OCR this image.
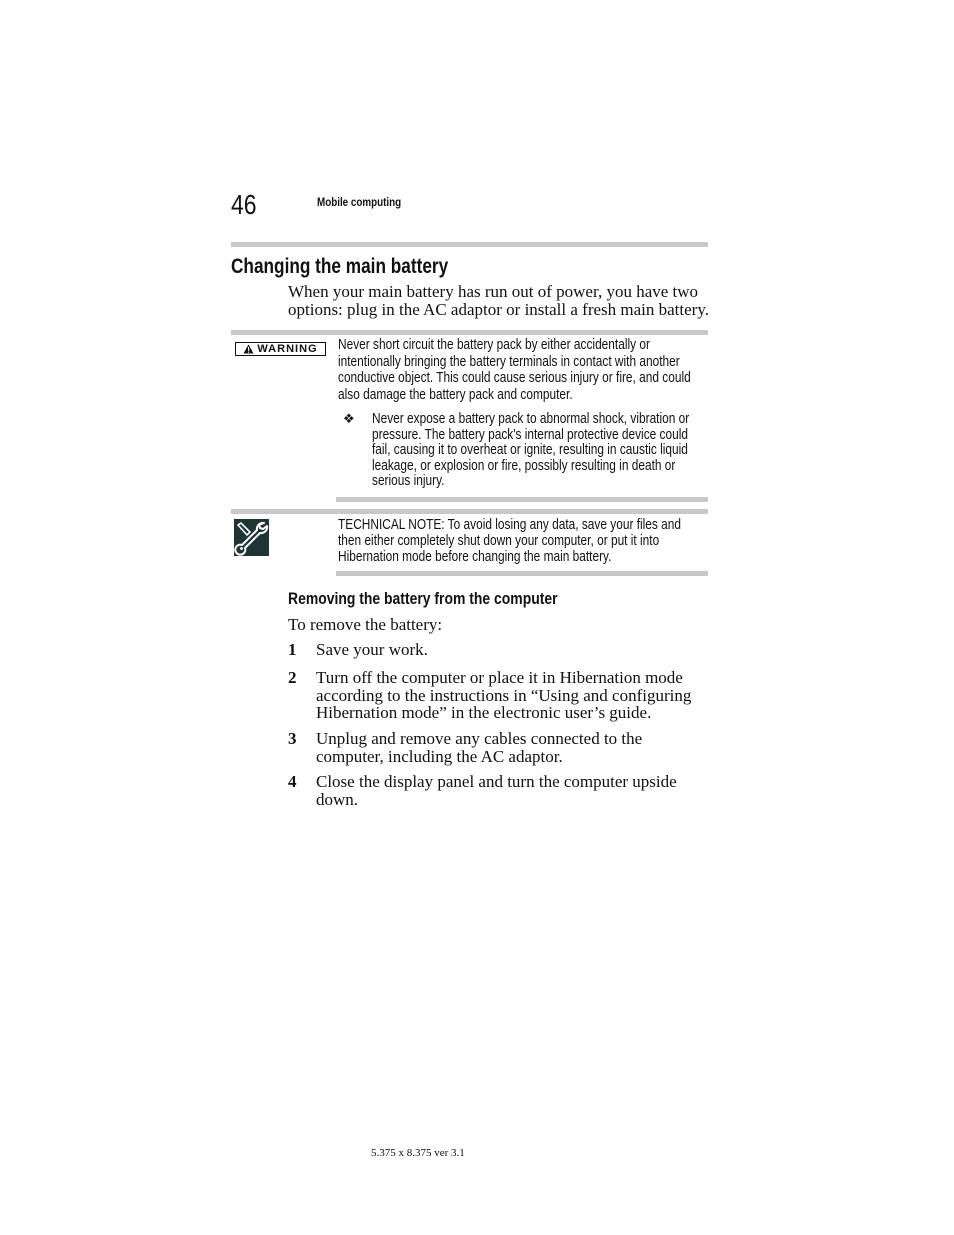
46	Mobile computing
Changing the main battery
When your main battery has run out of power, you have two
options: plug in the AC adaptor or install a fresh main battery.
WARNING Never short circuit the battery pack by either accidentally or
intentionally bringing the battery terminals in contact with another
conductive object. This could cause serious injury or fire, and could
also damage the battery pack and computer.
❖ Never expose a battery pack to abnormal shock, vibration or
pressure. The battery pack's internal protective device could
fail, causing it to overheat or ignite, resulting in caustic liquid
leakage, or explosion or fire, possibly resulting in death or
serious injury.
TECHNICAL NOTE: To avoid losing any data, save your files and
then either completely shut down your computer, or put it into
Hibernation mode before changing the main battery.
Removing the battery from the computer
To remove the battery:
1 Save your work.
2 Turn off the computer or place it in Hibernation mode
according to the instructions in “Using and configuring
Hibernation mode” in the electronic user’s guide.
3 Unplug and remove any cables connected to the
computer, including the AC adaptor.
4 Close the display panel and turn the computer upside
down.
5.375 x 8.375 ver 3.1
